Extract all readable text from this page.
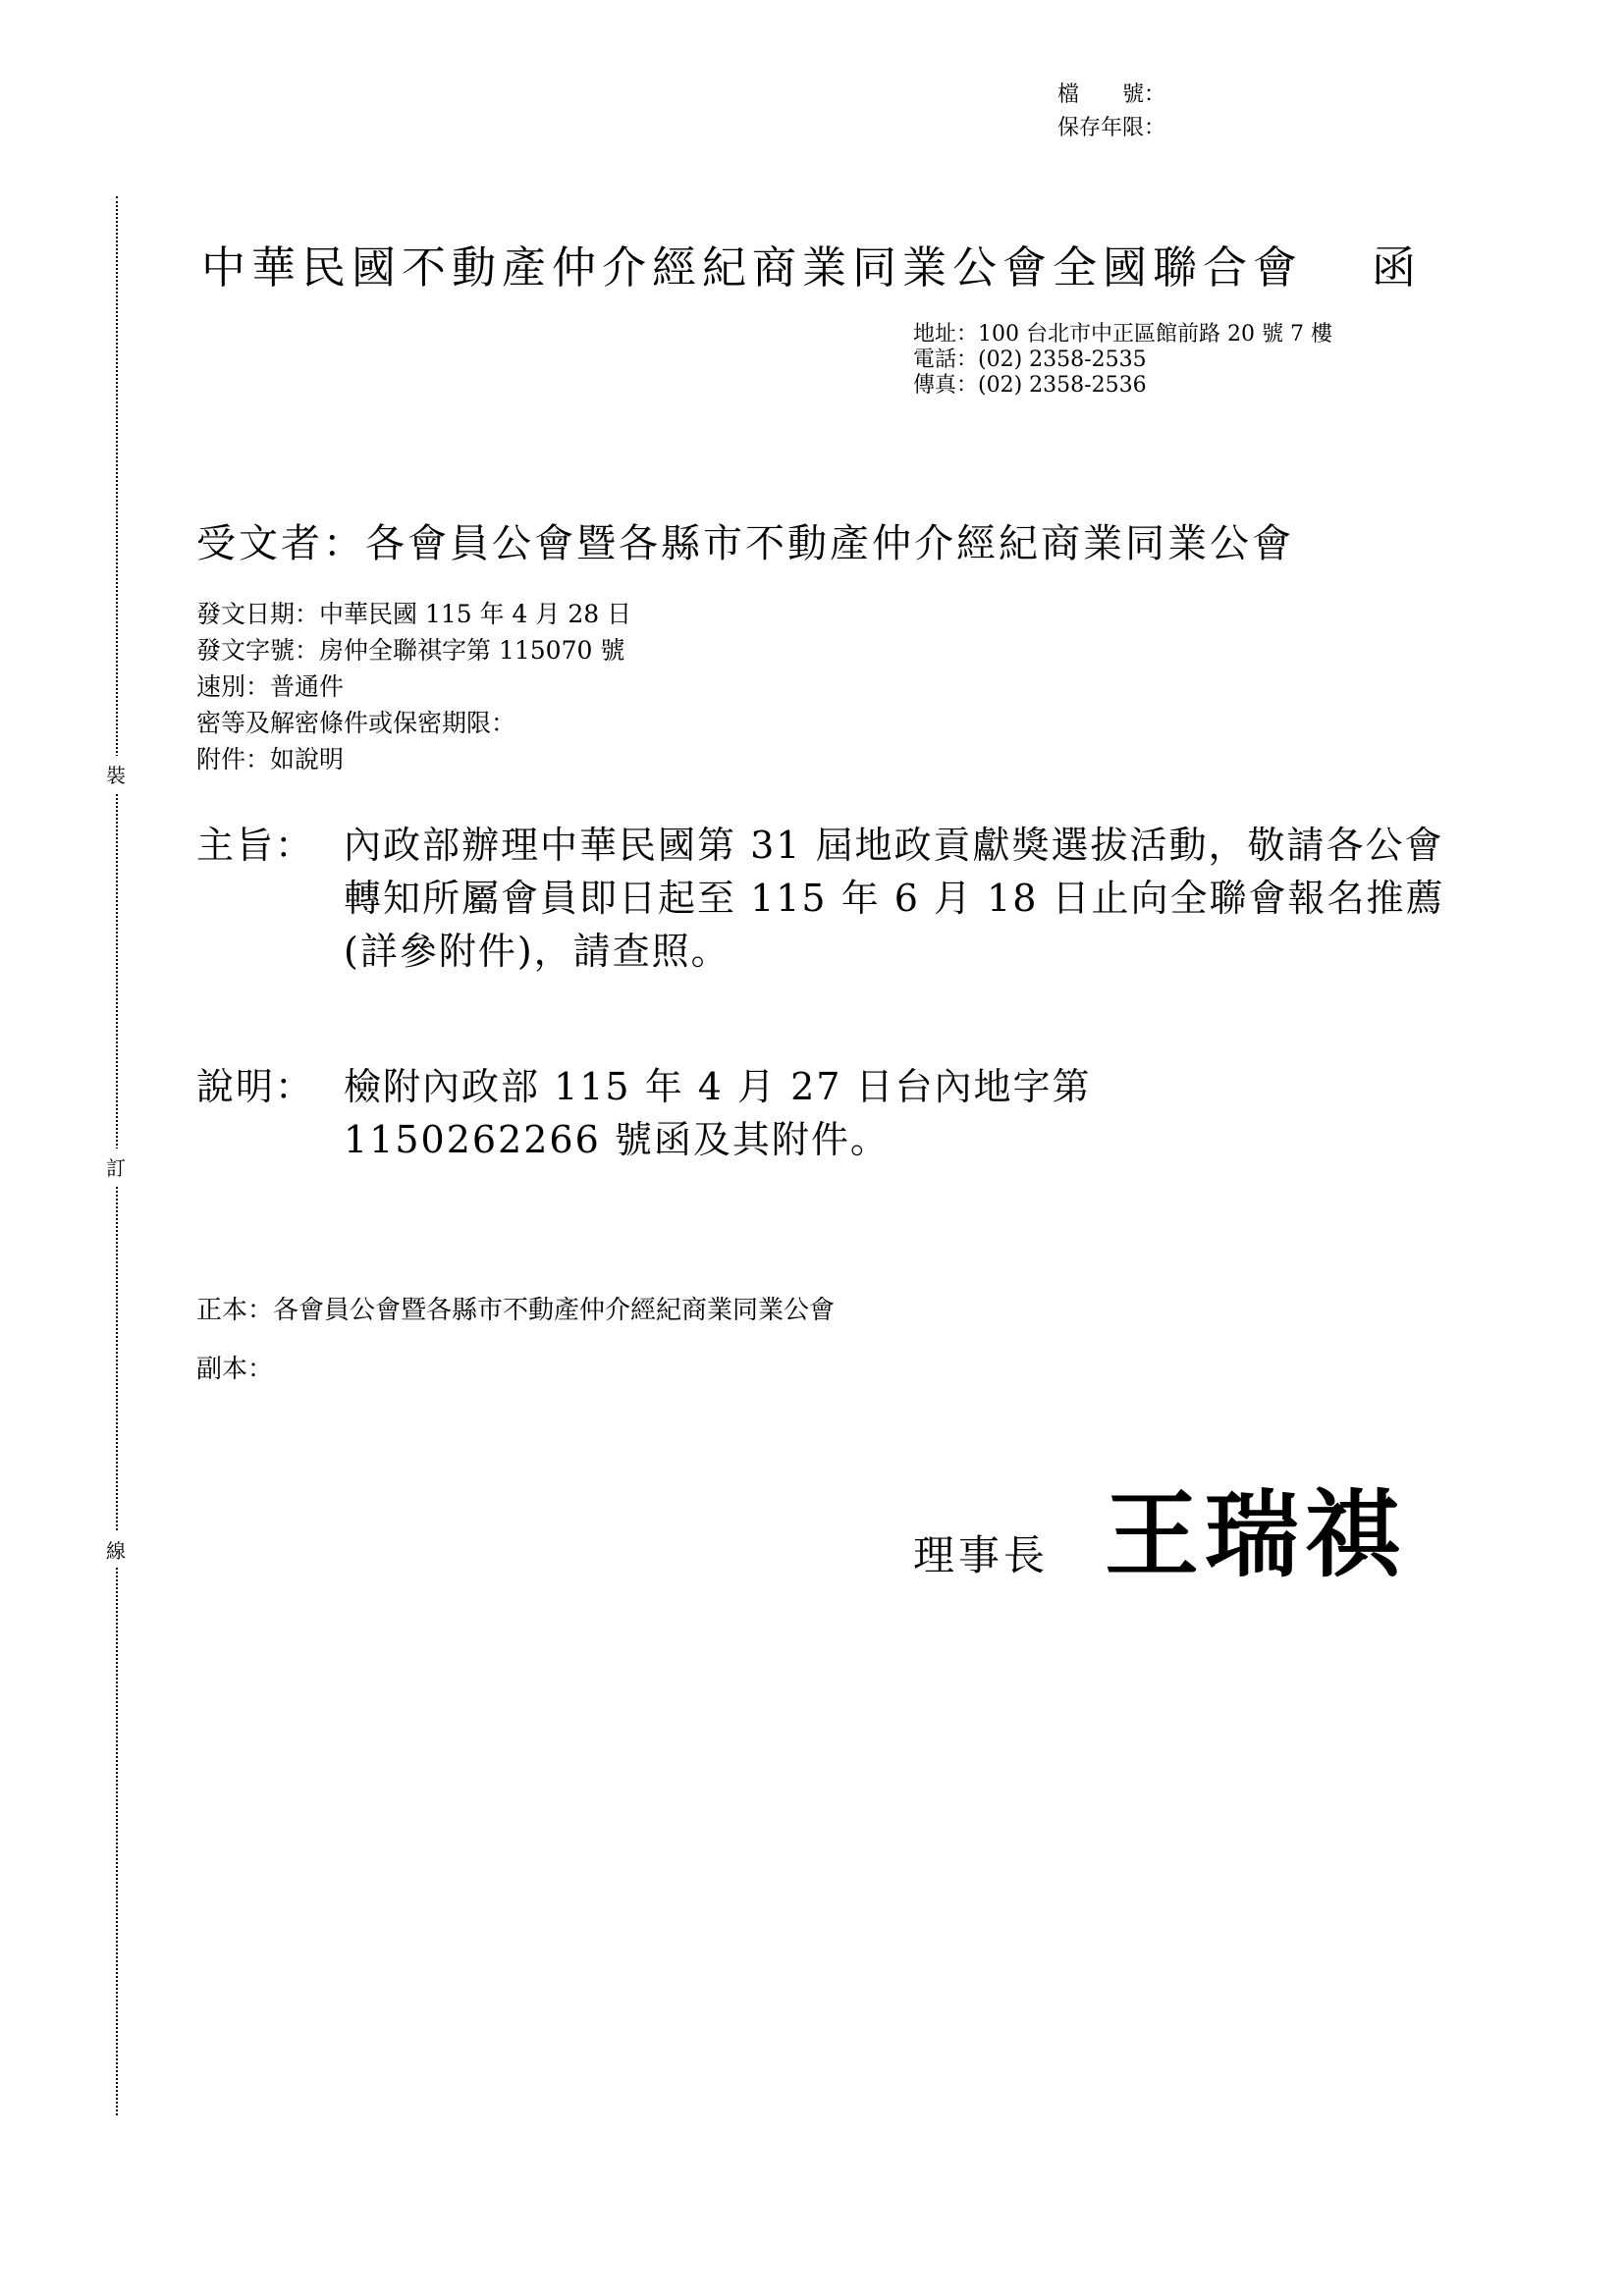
檔　　號：
保存年限：
裝
訂
線
中華民國不動產仲介經紀商業同業公會全國聯合會 函
地址：100 台北市中正區館前路 20 號 7 樓
電話：(02) 2358-2535
傳真：(02) 2358-2536
受文者：各會員公會暨各縣市不動產仲介經紀商業同業公會
發文日期：中華民國 115 年 4 月 28 日
發文字號：房仲全聯祺字第 115070 號
速別：普通件
密等及解密條件或保密期限：
附件：如說明
主旨： 內政部辦理中華民國第 31 屆地政貢獻獎選拔活動，敬請各公會轉知所屬會員即日起至 115 年 6 月 18 日止向全聯會報名推薦(詳參附件)，請查照。
說明： 檢附內政部 115 年 4 月 27 日台內地字第 1150262266 號函及其附件。
正本：各會員公會暨各縣市不動產仲介經紀商業同業公會
副本：
理事長 王瑞祺
